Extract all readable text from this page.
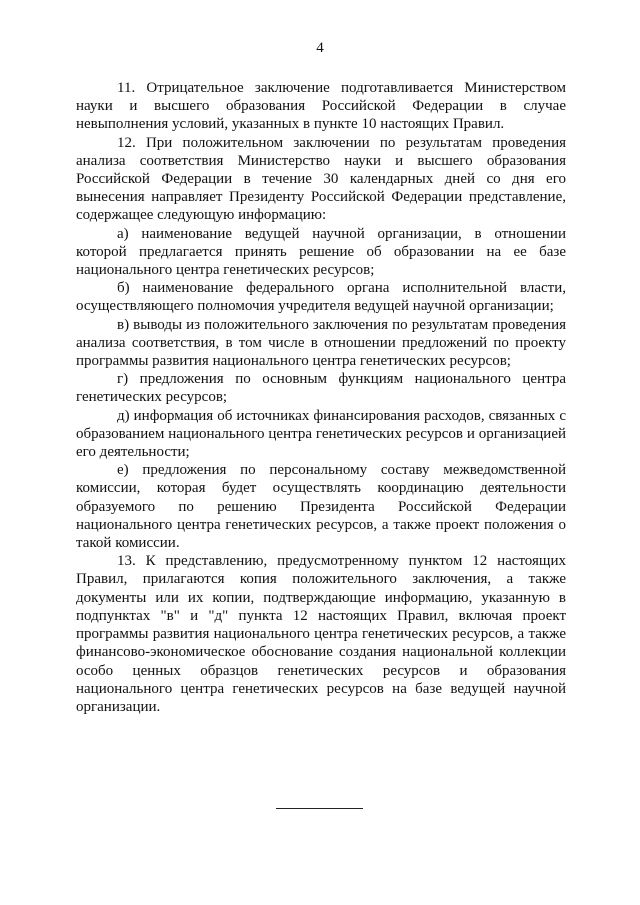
4

11. Отрицательное заключение подготавливается Министерством науки и высшего образования Российской Федерации в случае невыполнения условий, указанных в пункте 10 настоящих Правил.

12. При положительном заключении по результатам проведения анализа соответствия Министерство науки и высшего образования Российской Федерации в течение 30 календарных дней со дня его вынесения направляет Президенту Российской Федерации представление, содержащее следующую информацию:

а) наименование ведущей научной организации, в отношении которой предлагается принять решение об образовании на ее базе национального центра генетических ресурсов;

б) наименование федерального органа исполнительной власти, осуществляющего полномочия учредителя ведущей научной организации;

в) выводы из положительного заключения по результатам проведения анализа соответствия, в том числе в отношении предложений по проекту программы развития национального центра генетических ресурсов;

г) предложения по основным функциям национального центра генетических ресурсов;

д) информация об источниках финансирования расходов, связанных с образованием национального центра генетических ресурсов и организацией его деятельности;

е) предложения по персональному составу межведомственной комиссии, которая будет осуществлять координацию деятельности образуемого по решению Президента Российской Федерации национального центра генетических ресурсов, а также проект положения о такой комиссии.

13. К представлению, предусмотренному пунктом 12 настоящих Правил, прилагаются копия положительного заключения, а также документы или их копии, подтверждающие информацию, указанную в подпунктах "в" и "д" пункта 12 настоящих Правил, включая проект программы развития национального центра генетических ресурсов, а также финансово-экономическое обоснование создания национальной коллекции особо ценных образцов генетических ресурсов и образования национального центра генетических ресурсов на базе ведущей научной организации.
